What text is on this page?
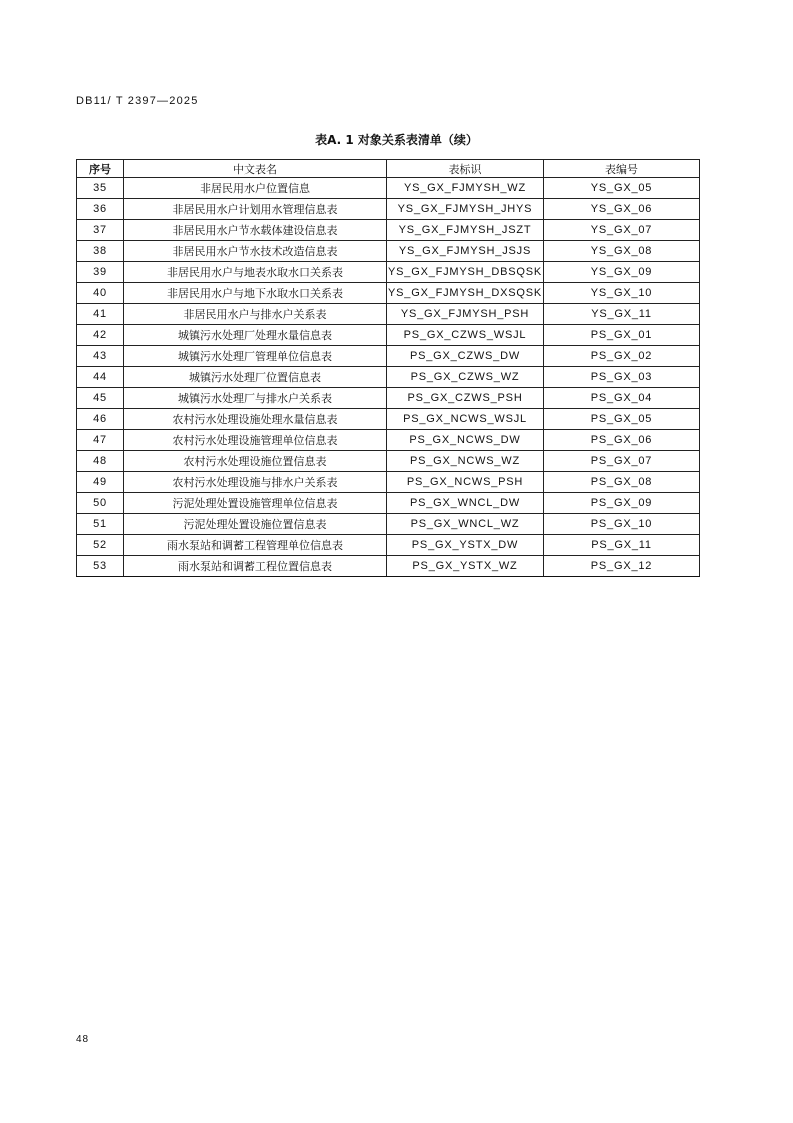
DB11/ T 2397—2025
表A. 1 对象关系表清单（续）
序号	中文表名	表标识	表编号
35	非居民用水户位置信息	YS_GX_FJMYSH_WZ	YS_GX_05
36	非居民用水户计划用水管理信息表	YS_GX_FJMYSH_JHYS	YS_GX_06
37	非居民用水户节水载体建设信息表	YS_GX_FJMYSH_JSZT	YS_GX_07
38	非居民用水户节水技术改造信息表	YS_GX_FJMYSH_JSJS	YS_GX_08
39	非居民用水户与地表水取水口关系表	YS_GX_FJMYSH_DBSQSK	YS_GX_09
40	非居民用水户与地下水取水口关系表	YS_GX_FJMYSH_DXSQSK	YS_GX_10
41	非居民用水户与排水户关系表	YS_GX_FJMYSH_PSH	YS_GX_11
42	城镇污水处理厂处理水量信息表	PS_GX_CZWS_WSJL	PS_GX_01
43	城镇污水处理厂管理单位信息表	PS_GX_CZWS_DW	PS_GX_02
44	城镇污水处理厂位置信息表	PS_GX_CZWS_WZ	PS_GX_03
45	城镇污水处理厂与排水户关系表	PS_GX_CZWS_PSH	PS_GX_04
46	农村污水处理设施处理水量信息表	PS_GX_NCWS_WSJL	PS_GX_05
47	农村污水处理设施管理单位信息表	PS_GX_NCWS_DW	PS_GX_06
48	农村污水处理设施位置信息表	PS_GX_NCWS_WZ	PS_GX_07
49	农村污水处理设施与排水户关系表	PS_GX_NCWS_PSH	PS_GX_08
50	污泥处理处置设施管理单位信息表	PS_GX_WNCL_DW	PS_GX_09
51	污泥处理处置设施位置信息表	PS_GX_WNCL_WZ	PS_GX_10
52	雨水泵站和调蓄工程管理单位信息表	PS_GX_YSTX_DW	PS_GX_11
53	雨水泵站和调蓄工程位置信息表	PS_GX_YSTX_WZ	PS_GX_12
48
